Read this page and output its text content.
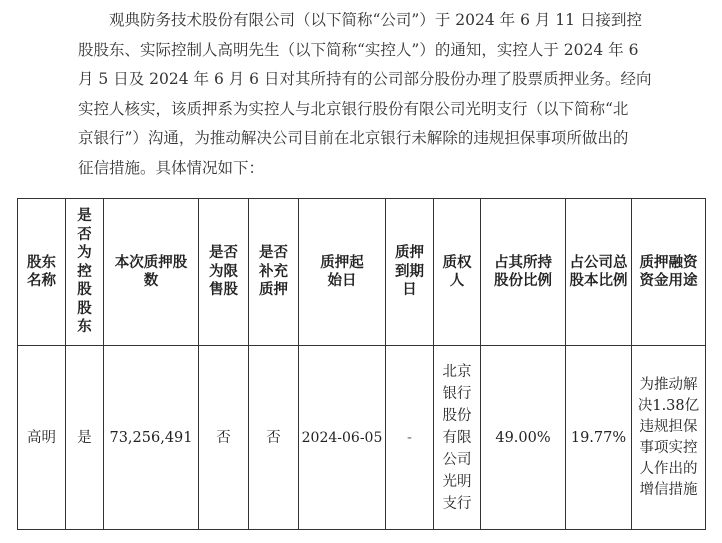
观典防务技术股份有限公司（以下简称“公司”）于 2024 年 6 月 11 日接到控
股股东、实际控制人高明先生（以下简称“实控人”）的通知，实控人于 2024 年 6
月 5 日及 2024 年 6 月 6 日对其所持有的公司部分股份办理了股票质押业务。经向
实控人核实，该质押系为实控人与北京银行股份有限公司光明支行（以下简称“北
京银行”）沟通，为推动解决公司目前在北京银行未解除的违规担保事项所做出的
征信措施。具体情况如下：
股东名称	是否为控股股东	本次质押股数	是否为限售股	是否补充质押	质押起始日	质押到期日	质权人	占其所持股份比例	占公司总股本比例	质押融资资金用途
高明	是	73,256,491	否	否	2024-06-05	-	北京银行股份有限公司光明支行	49.00%	19.77%	为推动解决1.38亿违规担保事项实控人作出的增信措施
